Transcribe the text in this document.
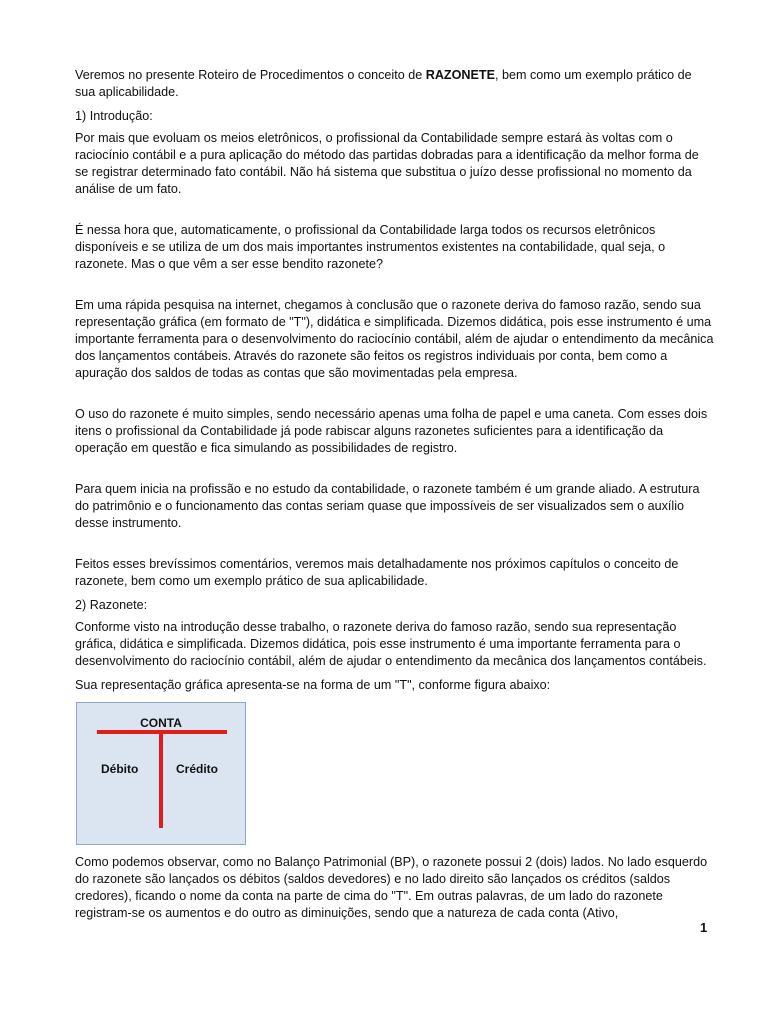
Veremos no presente Roteiro de Procedimentos o conceito de RAZONETE, bem como um exemplo prático de sua aplicabilidade.

1) Introdução:

Por mais que evoluam os meios eletrônicos, o profissional da Contabilidade sempre estará às voltas com o raciocínio contábil e a pura aplicação do método das partidas dobradas para a identificação da melhor forma de se registrar determinado fato contábil. Não há sistema que substitua o juízo desse profissional no momento da análise de um fato.

É nessa hora que, automaticamente, o profissional da Contabilidade larga todos os recursos eletrônicos disponíveis e se utiliza de um dos mais importantes instrumentos existentes na contabilidade, qual seja, o razonete. Mas o que vêm a ser esse bendito razonete?

Em uma rápida pesquisa na internet, chegamos à conclusão que o razonete deriva do famoso razão, sendo sua representação gráfica (em formato de "T"), didática e simplificada. Dizemos didática, pois esse instrumento é uma importante ferramenta para o desenvolvimento do raciocínio contábil, além de ajudar o entendimento da mecânica dos lançamentos contábeis. Através do razonete são feitos os registros individuais por conta, bem como a apuração dos saldos de todas as contas que são movimentadas pela empresa.

O uso do razonete é muito simples, sendo necessário apenas uma folha de papel e uma caneta. Com esses dois itens o profissional da Contabilidade já pode rabiscar alguns razonetes suficientes para a identificação da operação em questão e fica simulando as possibilidades de registro.

Para quem inicia na profissão e no estudo da contabilidade, o razonete também é um grande aliado. A estrutura do patrimônio e o funcionamento das contas seriam quase que impossíveis de ser visualizados sem o auxílio desse instrumento.

Feitos esses brevíssimos comentários, veremos mais detalhadamente nos próximos capítulos o conceito de razonete, bem como um exemplo prático de sua aplicabilidade.

2) Razonete:

Conforme visto na introdução desse trabalho, o razonete deriva do famoso razão, sendo sua representação gráfica, didática e simplificada. Dizemos didática, pois esse instrumento é uma importante ferramenta para o desenvolvimento do raciocínio contábil, além de ajudar o entendimento da mecânica dos lançamentos contábeis.

Sua representação gráfica apresenta-se na forma de um "T", conforme figura abaixo:

CONTA
Débito	Crédito

Como podemos observar, como no Balanço Patrimonial (BP), o razonete possui 2 (dois) lados. No lado esquerdo do razonete são lançados os débitos (saldos devedores) e no lado direito são lançados os créditos (saldos credores), ficando o nome da conta na parte de cima do "T". Em outras palavras, de um lado do razonete registram-se os aumentos e do outro as diminuições, sendo que a natureza de cada conta (Ativo,

1
